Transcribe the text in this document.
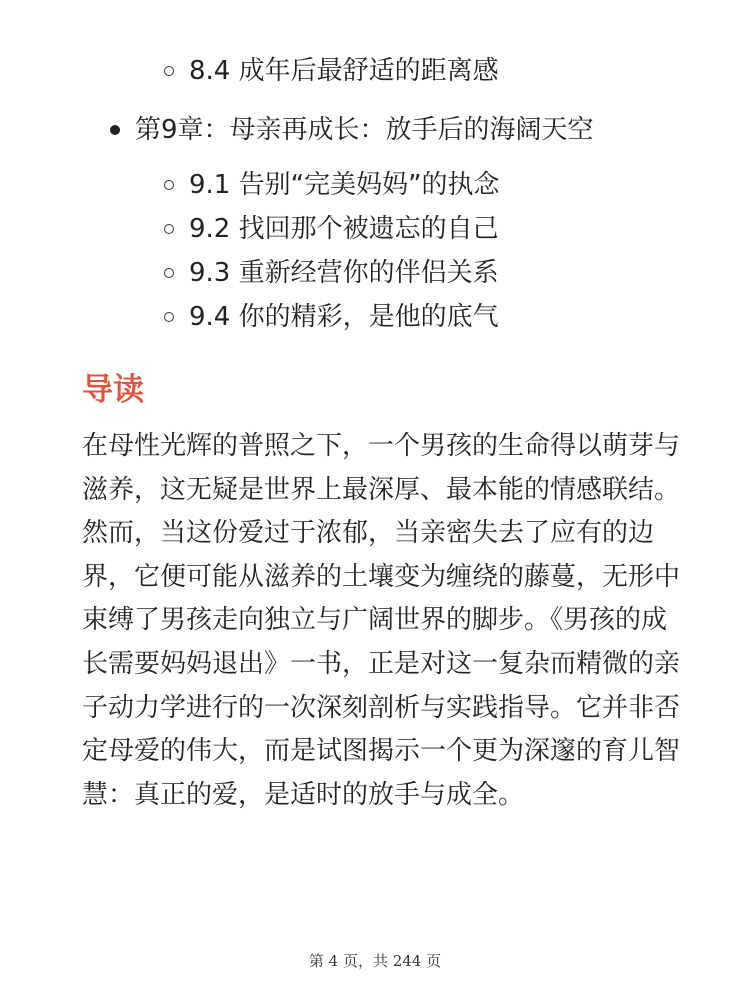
8.4 成年后最舒适的距离感
第9章：母亲再成长：放手后的海阔天空
9.1 告别“完美妈妈”的执念
9.2 找回那个被遗忘的自己
9.3 重新经营你的伴侣关系
9.4 你的精彩，是他的底气
导读

在母性光辉的普照之下，一个男孩的生命得以萌芽与滋养，这无疑是世界上最深厚、最本能的情感联结。然而，当这份爱过于浓郁，当亲密失去了应有的边界，它便可能从滋养的土壤变为缠绕的藤蔓，无形中束缚了男孩走向独立与广阔世界的脚步。《男孩的成长需要妈妈退出》一书，正是对这一复杂而精微的亲子动力学进行的一次深刻剖析与实践指导。它并非否定母爱的伟大，而是试图揭示一个更为深邃的育儿智慧：真正的爱，是适时的放手与成全。

第 4 页，共 244 页
